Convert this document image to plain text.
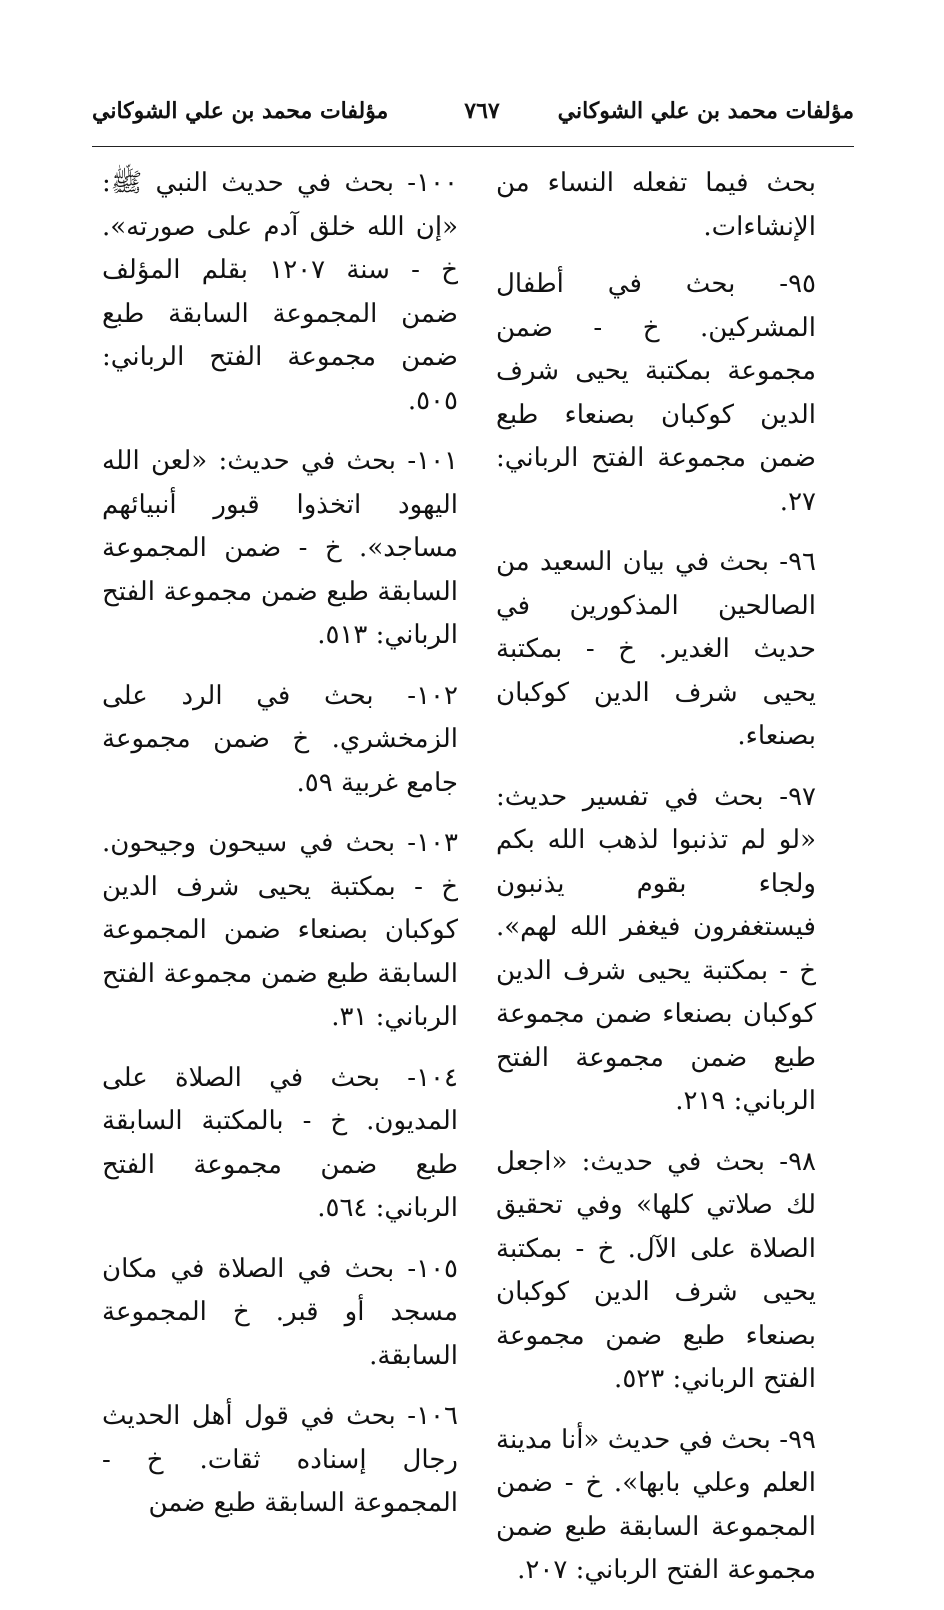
مؤلفات محمد بن علي الشوكاني
٧٦٧
مؤلفات محمد بن علي الشوكاني

بحث فيما تفعله النساء من الإنشاءات.

٩٥- بحث في أطفال المشركين. خ - ضمن مجموعة بمكتبة يحيى شرف الدين كوكبان بصنعاء طبع ضمن مجموعة الفتح الرباني: ٢٧.

٩٦- بحث في بيان السعيد من الصالحين المذكورين في حديث الغدير. خ - بمكتبة يحيى شرف الدين كوكبان بصنعاء.

٩٧- بحث في تفسير حديث: «لو لم تذنبوا لذهب الله بكم ولجاء بقوم يذنبون فيستغفرون فيغفر الله لهم». خ - بمكتبة يحيى شرف الدين كوكبان بصنعاء ضمن مجموعة طبع ضمن مجموعة الفتح الرباني: ٢١٩.

٩٨- بحث في حديث: «اجعل لك صلاتي كلها» وفي تحقيق الصلاة على الآل. خ - بمكتبة يحيى شرف الدين كوكبان بصنعاء طبع ضمن مجموعة الفتح الرباني: ٥٢٣.

٩٩- بحث في حديث «أنا مدينة العلم وعلي بابها». خ - ضمن المجموعة السابقة طبع ضمن مجموعة الفتح الرباني: ٢٠٧.

١٠٠- بحث في حديث النبي ﷺ: «إن الله خلق آدم على صورته». خ - سنة ١٢٠٧ بقلم المؤلف ضمن المجموعة السابقة طبع ضمن مجموعة الفتح الرباني: ٥٠٥.

١٠١- بحث في حديث: «لعن الله اليهود اتخذوا قبور أنبيائهم مساجد». خ - ضمن المجموعة السابقة طبع ضمن مجموعة الفتح الرباني: ٥١٣.

١٠٢- بحث في الرد على الزمخشري. خ ضمن مجموعة جامع غربية ٥٩.

١٠٣- بحث في سيحون وجيحون. خ - بمكتبة يحيى شرف الدين كوكبان بصنعاء ضمن المجموعة السابقة طبع ضمن مجموعة الفتح الرباني: ٣١.

١٠٤- بحث في الصلاة على المديون. خ - بالمكتبة السابقة طبع ضمن مجموعة الفتح الرباني: ٥٦٤.

١٠٥- بحث في الصلاة في مكان مسجد أو قبر. خ المجموعة السابقة.

١٠٦- بحث في قول أهل الحديث رجال إسناده ثقات. خ - المجموعة السابقة طبع ضمن
